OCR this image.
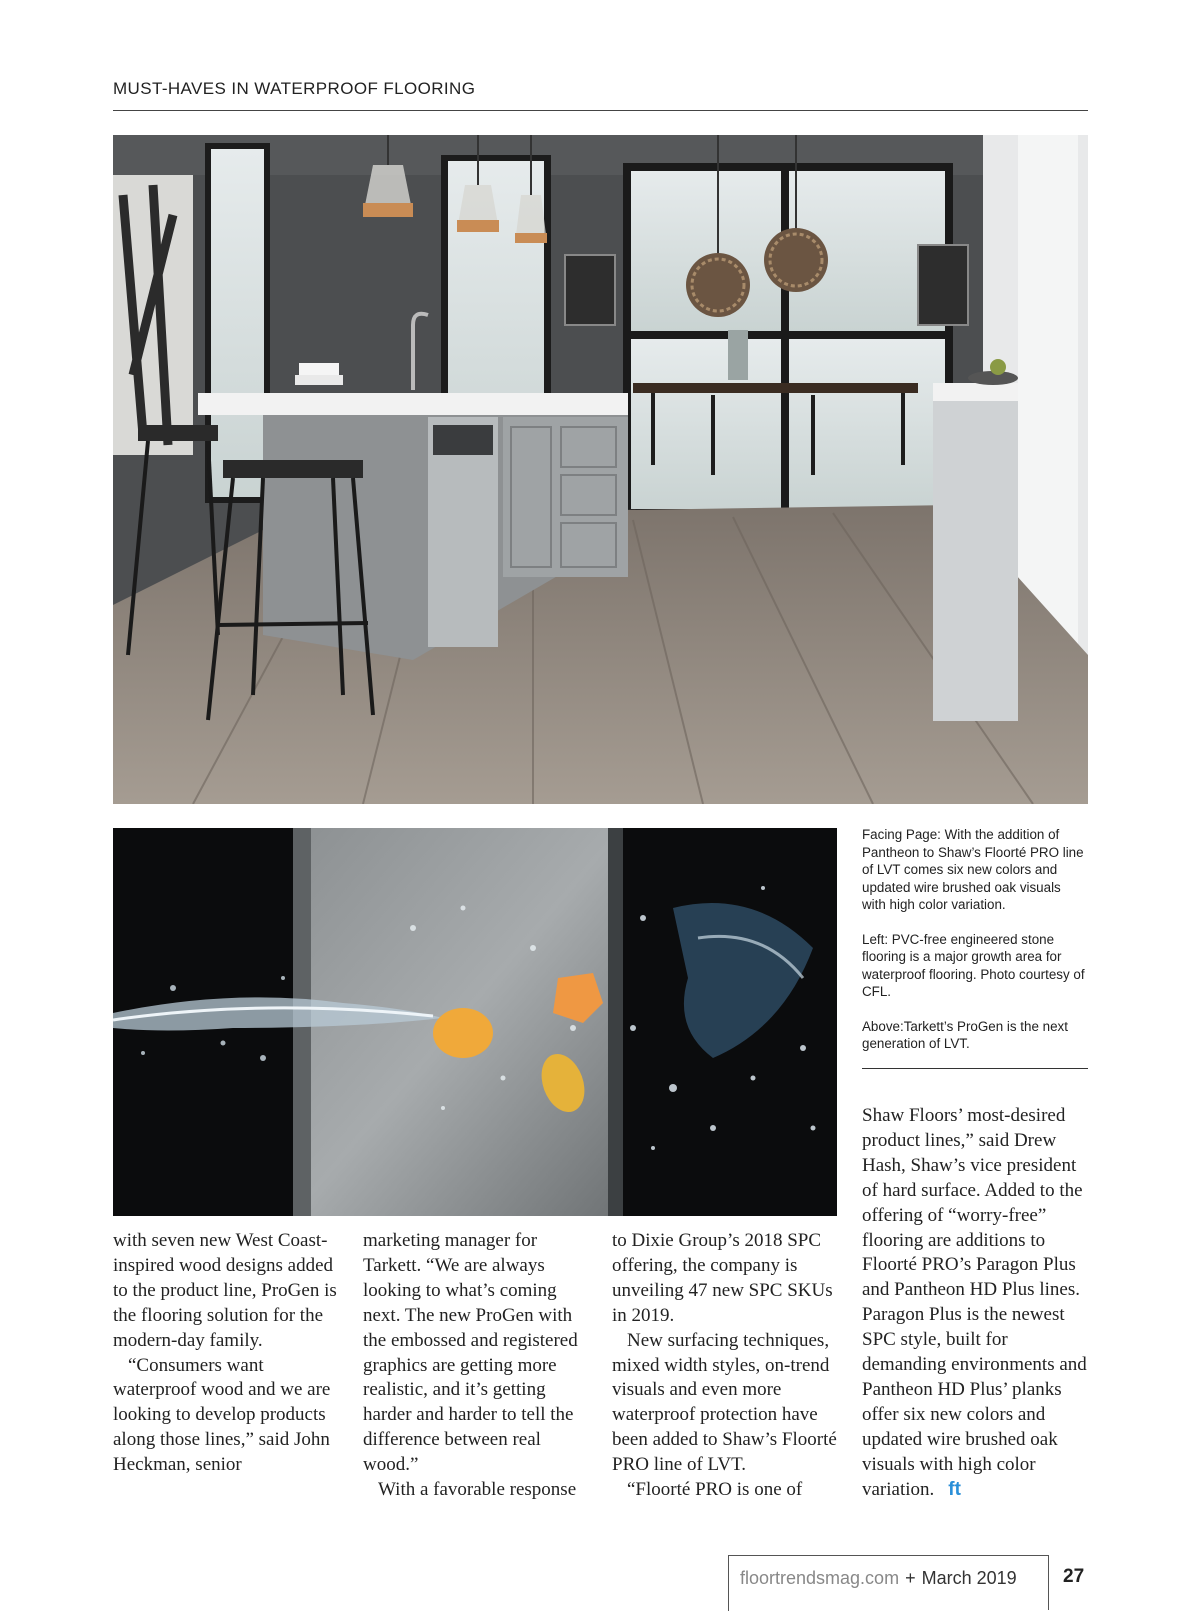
MUST-HAVES IN WATERPROOF FLOORING

Facing Page: With the addition of Pantheon to Shaw’s Floorté PRO line of LVT comes six new colors and updated wire brushed oak visuals with high color variation.

Left: PVC-free engineered stone flooring is a major growth area for waterproof flooring. Photo courtesy of CFL.

Above:Tarkett’s ProGen is the next generation of LVT.

with seven new West Coast-inspired wood designs added to the product line, ProGen is the flooring solution for the modern-day family.

“Consumers want waterproof wood and we are looking to develop products along those lines,” said John Heckman, senior

marketing manager for Tarkett. “We are always looking to what’s coming next. The new ProGen with the embossed and registered graphics are getting more realistic, and it’s getting harder and harder to tell the difference between real wood.”

With a favorable response

to Dixie Group’s 2018 SPC offering, the company is unveiling 47 new SPC SKUs in 2019.

New surfacing techniques, mixed width styles, on-trend visuals and even more waterproof protection have been added to Shaw’s Floorté PRO line of LVT.

“Floorté PRO is one of

Shaw Floors’ most-desired product lines,” said Drew Hash, Shaw’s vice president of hard surface. Added to the offering of “worry-free” flooring are additions to Floorté PRO’s Paragon Plus and Pantheon HD Plus lines. Paragon Plus is the newest SPC style, built for demanding environments and Pantheon HD Plus’ planks offer six new colors and updated wire brushed oak visuals with high color variation. ft

floortrendsmag.com + March 2019 27
